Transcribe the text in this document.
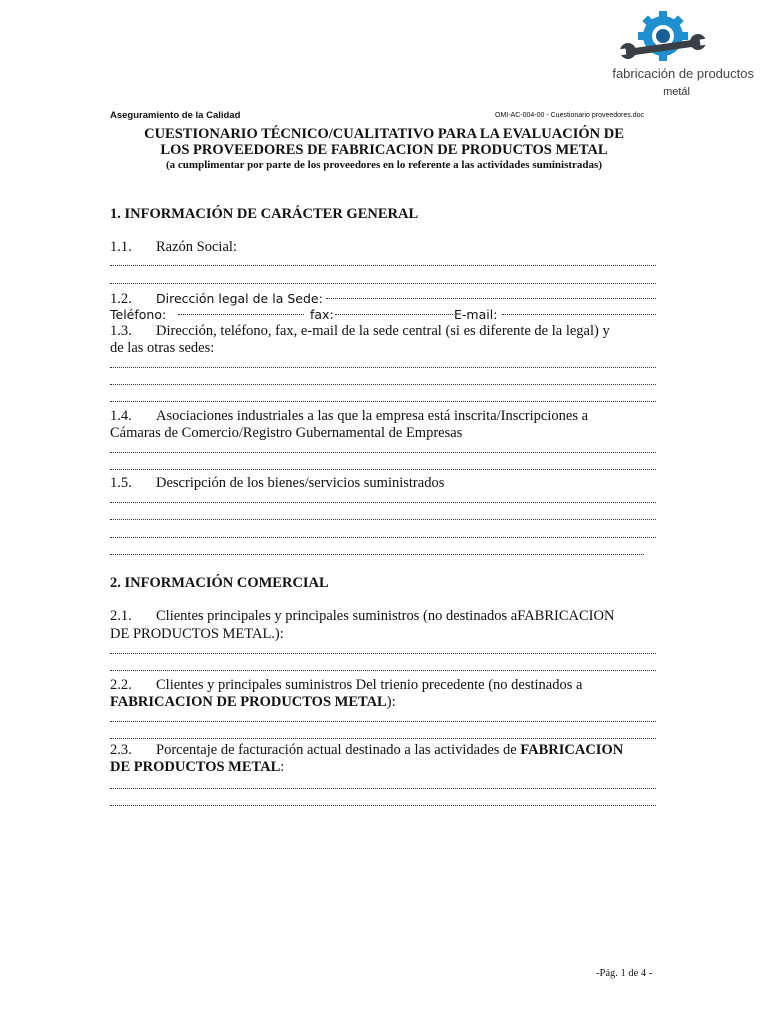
fabricación de productos
metál
Aseguramiento de la Calidad	OMI-AC-004-00 - Cuestionario proveedores.doc
CUESTIONARIO TÉCNICO/CUALITATIVO PARA LA EVALUACIÓN DE
LOS PROVEEDORES DE FABRICACION DE PRODUCTOS METAL
(a cumplimentar por parte de los proveedores en lo referente a las actividades suministradas)
1. INFORMACIÓN DE CARÁCTER GENERAL
1.1. Razón Social:
1.2. Dirección legal de la Sede:
Teléfono:	fax:	E-mail:
1.3. Dirección, teléfono, fax, e-mail de la sede central (si es diferente de la legal) y
de las otras sedes:
1.4. Asociaciones industriales a las que la empresa está inscrita/Inscripciones a
Cámaras de Comercio/Registro Gubernamental de Empresas
1.5. Descripción de los bienes/servicios suministrados
2. INFORMACIÓN COMERCIAL
2.1. Clientes principales y principales suministros (no destinados aFABRICACION
DE PRODUCTOS METAL.):
2.2. Clientes y principales suministros Del trienio precedente (no destinados a
FABRICACION DE PRODUCTOS METAL):
2.3. Porcentaje de facturación actual destinado a las actividades de FABRICACION
DE PRODUCTOS METAL:
-Pág. 1 de 4 -
